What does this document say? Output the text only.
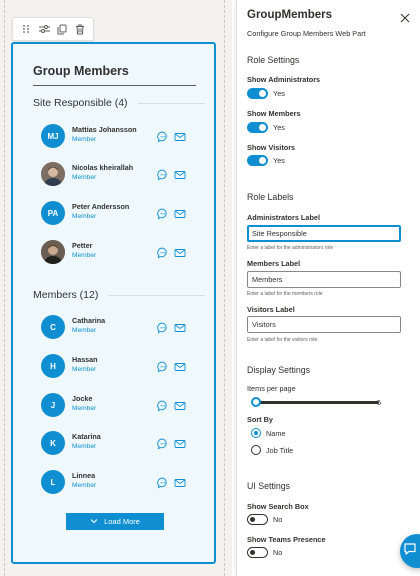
Group Members
Site Responsible (4)
MJ
Mattias Johansson
Member
Nicolas kheirallah
Member
PA
Peter Andersson
Member
Petter
Member
Members (12)
C
Catharina
Member
H
Hassan
Member
J
Jocke
Member
K
Katarina
Member
L
Linnea
Member
Load More
GroupMembers
Configure Group Members Web Part
Role Settings
Show Administrators
Yes
Show Members
Yes
Show Visitors
Yes
Role Labels
Administrators Label
Site Responsible
Enter a label for the administrators role
Members Label
Members
Enter a label for the members role
Visitors Label
Visitors
Enter a label for the visitors role
Display Settings
Items per page
5
Sort By
Name
Job Title
UI Settings
Show Search Box
No
Show Teams Presence
No
